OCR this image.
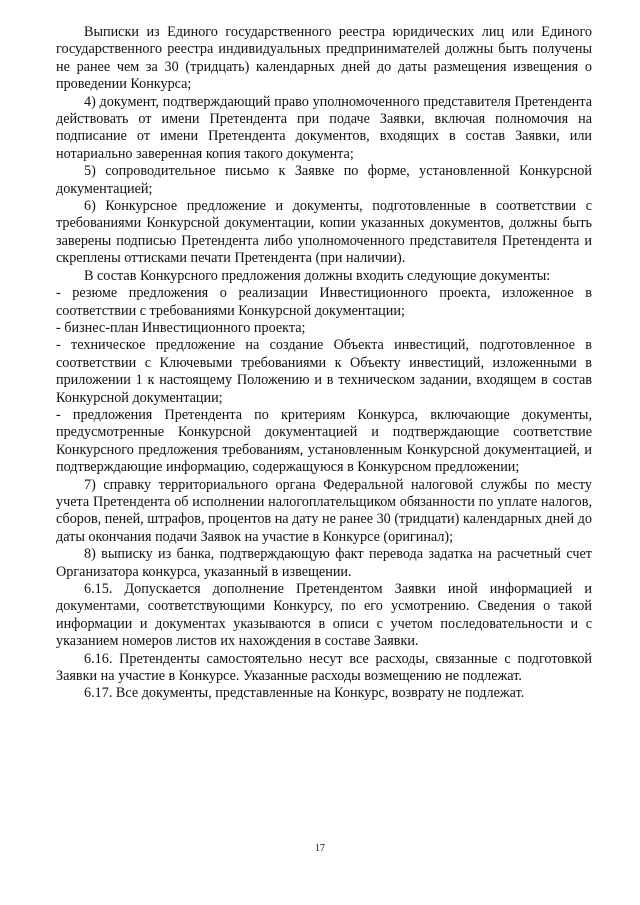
Выписки из Единого государственного реестра юридических лиц или Единого государственного реестра индивидуальных предпринимателей должны быть получены не ранее чем за 30 (тридцать) календарных дней до даты размещения извещения о проведении Конкурса;

4) документ, подтверждающий право уполномоченного представителя Претендента действовать от имени Претендента при подаче Заявки, включая полномочия на подписание от имени Претендента документов, входящих в состав Заявки, или нотариально заверенная копия такого документа;

5) сопроводительное письмо к Заявке по форме, установленной Конкурсной документацией;

6) Конкурсное предложение и документы, подготовленные в соответствии с требованиями Конкурсной документации, копии указанных документов, должны быть заверены подписью Претендента либо уполномоченного представителя Претендента и скреплены оттисками печати Претендента (при наличии).

В состав Конкурсного предложения должны входить следующие документы:

- резюме предложения о реализации Инвестиционного проекта, изложенное в соответствии с требованиями Конкурсной документации;

- бизнес-план Инвестиционного проекта;

- техническое предложение на создание Объекта инвестиций, подготовленное в соответствии с Ключевыми требованиями к Объекту инвестиций, изложенными в приложении 1 к настоящему Положению и в техническом задании, входящем в состав Конкурсной документации;

- предложения Претендента по критериям Конкурса, включающие документы, предусмотренные Конкурсной документацией и подтверждающие соответствие Конкурсного предложения требованиям, установленным Конкурсной документацией, и подтверждающие информацию, содержащуюся в Конкурсном предложении;

7) справку территориального органа Федеральной налоговой службы по месту учета Претендента об исполнении налогоплательщиком обязанности по уплате налогов, сборов, пеней, штрафов, процентов на дату не ранее 30 (тридцати) календарных дней до даты окончания подачи Заявок на участие в Конкурсе (оригинал);

8) выписку из банка, подтверждающую факт перевода задатка на расчетный счет Организатора конкурса, указанный в извещении.

6.15. Допускается дополнение Претендентом Заявки иной информацией и документами, соответствующими Конкурсу, по его усмотрению. Сведения о такой информации и документах указываются в описи с учетом последовательности и с указанием номеров листов их нахождения в составе Заявки.

6.16. Претенденты самостоятельно несут все расходы, связанные с подготовкой Заявки на участие в Конкурсе. Указанные расходы возмещению не подлежат.

6.17. Все документы, представленные на Конкурс, возврату не подлежат.

17
